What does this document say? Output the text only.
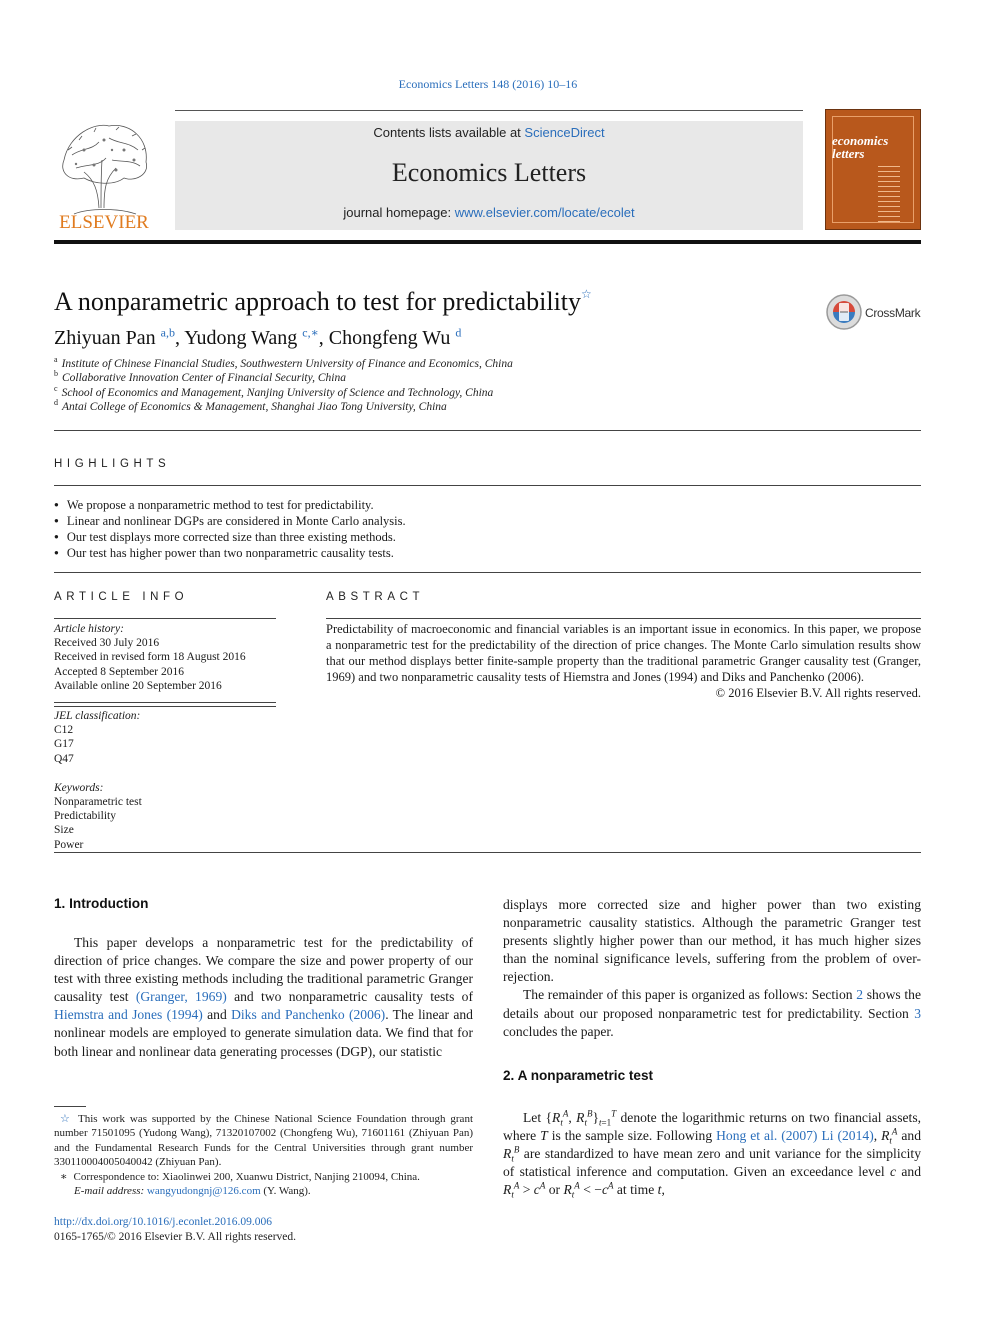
Economics Letters 148 (2016) 10–16
ELSEVIER
Contents lists available at ScienceDirect
Economics Letters
journal homepage: www.elsevier.com/locate/ecolet
economics
letters
A nonparametric approach to test for predictability☆
CrossMark
Zhiyuan Pan $^{a,b}$, Yudong Wang $^{c,∗}$, Chongfeng Wu $^d$
$^a$ Institute of Chinese Financial Studies, Southwestern University of Finance and Economics, China
$^b$ Collaborative Innovation Center of Financial Security, China
$^c$ School of Economics and Management, Nanjing University of Science and Technology, China
$^d$ Antai College of Economics & Management, Shanghai Jiao Tong University, China
HIGHLIGHTS
● We propose a nonparametric method to test for predictability.
● Linear and nonlinear DGPs are considered in Monte Carlo analysis.
● Our test displays more corrected size than three existing methods.
● Our test has higher power than two nonparametric causality tests.
ARTICLE INFO	ABSTRACT
Article history:
Received 30 July 2016
Received in revised form 18 August 2016
Accepted 8 September 2016
Available online 20 September 2016
JEL classification:
C12
G17
Q47
Keywords:
Nonparametric test
Predictability
Size
Power
Predictability of macroeconomic and financial variables is an important issue in economics. In this paper, we propose a nonparametric test for the predictability of the direction of price changes. The Monte Carlo simulation results show that our method displays better finite-sample property than the traditional parametric Granger causality test (Granger, 1969) and two nonparametric causality tests of Hiemstra and Jones (1994) and Diks and Panchenko (2006).
© 2016 Elsevier B.V. All rights reserved.
1. Introduction

This paper develops a nonparametric test for the predictability of direction of price changes. We compare the size and power property of our test with three existing methods including the traditional parametric Granger causality test (Granger, 1969) and two nonparametric causality tests of Hiemstra and Jones (1994) and Diks and Panchenko (2006). The linear and nonlinear models are employed to generate simulation data. We find that for both linear and nonlinear data generating processes (DGP), our statistic

☆ This work was supported by the Chinese National Science Foundation through grant number 71501095 (Yudong Wang), 71320107002 (Chongfeng Wu), 71601161 (Zhiyuan Pan) and the Fundamental Research Funds for the Central Universities through grant number 330110004005040042 (Zhiyuan Pan).
∗ Correspondence to: Xiaolinwei 200, Xuanwu District, Nanjing 210094, China.
E-mail address: wangyudongnj@126.com (Y. Wang).
http://dx.doi.org/10.1016/j.econlet.2016.09.006
0165-1765/© 2016 Elsevier B.V. All rights reserved.

displays more corrected size and higher power than two existing nonparametric causality statistics. Although the parametric Granger test presents slightly higher power than our method, it has much higher sizes than the nominal significance levels, suffering from the problem of over-rejection.

The remainder of this paper is organized as follows: Section 2 shows the details about our proposed nonparametric test for predictability. Section 3 concludes the paper.

2. A nonparametric test

Let {$R_t^A$, $R_t^B\}_{t=1}^T$ denote the logarithmic returns on two financial assets, where T is the sample size. Following Hong et al. (2007) Li (2014), $R_t^A$ and $R_t^B$ are standardized to have mean zero and unit variance for the simplicity of statistical inference and computation. Given an exceedance level c and $R_t^A > c^A$ or $R_t^A < -c^A$ at time t,
